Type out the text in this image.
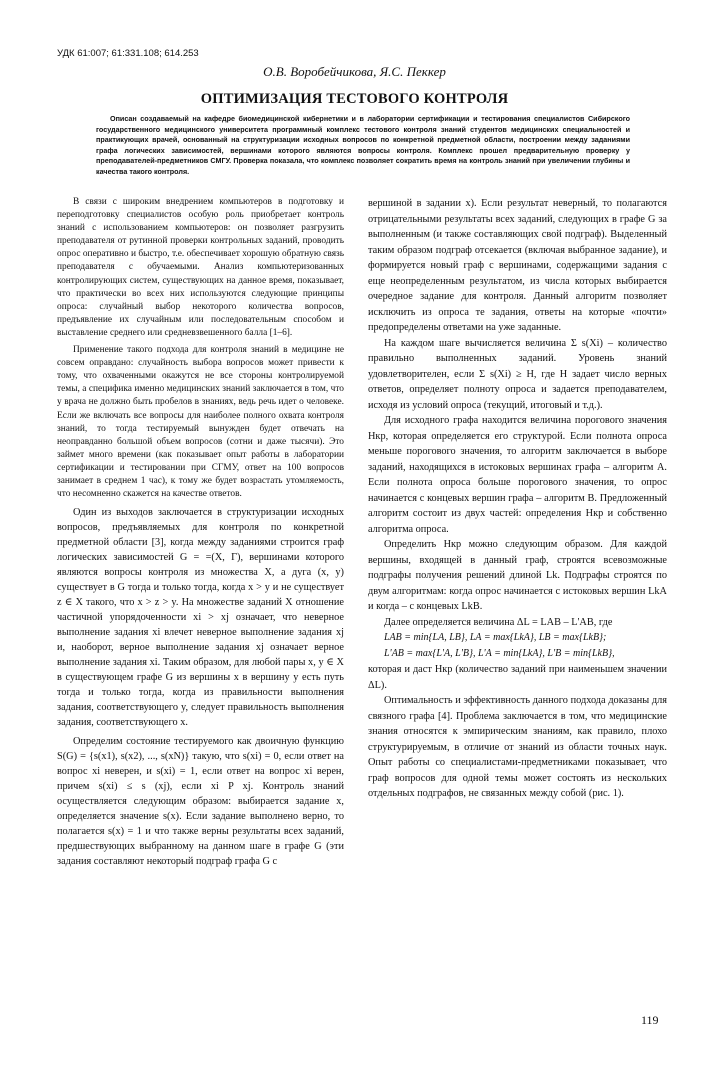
УДК 61:007; 61:331.108; 614.253
О.В. Воробейчикова, Я.С. Пеккер
ОПТИМИЗАЦИЯ ТЕСТОВОГО КОНТРОЛЯ

Описан создаваемый на кафедре биомедицинской кибернетики и в лаборатории сертификации и тестирования специалистов Сибирского государственного медицинского университета программный комплекс тестового контроля знаний студентов медицинских специальностей и практикующих врачей, основанный на структуризации исходных вопросов по конкретной предметной области, построении между заданиями графа логических зависимостей, вершинами которого являются вопросы контроля. Комплекс прошел предварительную проверку у преподавателей-предметников СМГУ. Проверка показала, что комплекс позволяет сократить время на контроль знаний при увеличении глубины и качества такого контроля.

В связи с широким внедрением компьютеров в подготовку и переподготовку специалистов особую роль приобретает контроль знаний с использованием компьютеров: он позволяет разгрузить преподавателя от рутинной проверки контрольных заданий, проводить опрос оперативно и быстро, т.е. обеспечивает хорошую обратную связь преподавателя с обучаемыми. Анализ компьютеризованных контролирующих систем, существующих на данное время, показывает, что практически во всех них используются следующие принципы опроса: случайный выбор некоторого количества вопросов, предъявление их случайным или последовательным способом и выставление среднего или средневзвешенного балла [1–6].

Применение такого подхода для контроля знаний в медицине не совсем оправдано: случайность выбора вопросов может привести к тому, что охваченными окажутся не все стороны контролируемой темы, а специфика именно медицинских знаний заключается в том, что у врача не должно быть пробелов в знаниях, ведь речь идет о человеке. Если же включать все вопросы для наиболее полного охвата контроля знаний, то тогда тестируемый вынужден будет отвечать на неоправданно большой объем вопросов (сотни и даже тысячи). Это займет много времени (как показывает опыт работы в лаборатории сертификации и тестировании при СГМУ, ответ на 100 вопросов занимает в среднем 1 час), к тому же будет возрастать утомляемость, что несомненно скажется на качестве ответов.

Один из выходов заключается в структуризации исходных вопросов, предъявляемых для контроля по конкретной предметной области [3], когда между заданиями строится граф логических зависимостей G = =(X, Г), вершинами которого являются вопросы контроля из множества X, а дуга (x, y) существует в G тогда и только тогда, когда x > y и не существует z ∈ X такого, что x > z > y. На множестве заданий X отношение частичной упорядоченности xi > xj означает, что неверное выполнение задания xi влечет неверное выполнение задания xj и, наоборот, верное выполнение задания xj означает верное выполнение задания xi. Таким образом, для любой пары x, y ∈ X в существующем графе G из вершины x в вершину y есть путь тогда и только тогда, когда из правильности выполнения задания, соответствующего y, следует правильность выполнения задания, соответствующего x.

Определим состояние тестируемого как двоичную функцию S(G) = {s(x1), s(x2), ..., s(xN)} такую, что s(xi) = 0, если ответ на вопрос xi неверен, и s(xi) = 1, если ответ на вопрос xi верен, причем s(xi) ≤ s (xj), если xi P xj. Контроль знаний осуществляется следующим образом: выбирается задание x, определяется значение s(x). Если задание выполнено верно, то полагается s(x) = 1 и что также верны результаты всех заданий, предшествующих выбранному на данном шаге в графе G (эти задания составляют некоторый подграф графа G с

вершиной в задании x). Если результат неверный, то полагаются отрицательными результаты всех заданий, следующих в графе G за выполненным (и также составляющих свой подграф). Выделенный таким образом подграф отсекается (включая выбранное задание), и формируется новый граф с вершинами, содержащими задания с еще неопределенным результатом, из числа которых выбирается очередное задание для контроля. Данный алгоритм позволяет исключить из опроса те задания, ответы на которые «почти» предопределены ответами на уже заданные.

На каждом шаге вычисляется величина Σ s(Xi) – количество правильно выполненных заданий. Уровень знаний удовлетворителен, если Σ s(Xi) ≥ H, где H задает число верных ответов, определяет полноту опроса и задается преподавателем, исходя из условий опроса (текущий, итоговый и т.д.).

Для исходного графа находится величина порогового значения Hкр, которая определяется его структурой. Если полнота опроса меньше порогового значения, то алгоритм заключается в выборе заданий, находящихся в истоковых вершинах графа – алгоритм A. Если полнота опроса больше порогового значения, то опрос начинается с концевых вершин графа – алгоритм B. Предложенный алгоритм состоит из двух частей: определения Hкр и собственно алгоритма опроса.

Определить Hкр можно следующим образом. Для каждой вершины, входящей в данный граф, строятся всевозможные подграфы получения решений длиной Lk. Подграфы строятся по двум алгоритмам: когда опрос начинается с истоковых вершин LkA и когда – с концевых LkB.

Далее определяется величина ΔL = LAB – L'AB, где

LAB = min{LA, LB}, LA = max{LkA}, LB = max{LkB};

L'AB = max{L'A, L'B}, L'A = min{LkA}, L'B = min{LkB},

которая и даст Hкр (количество заданий при наименьшем значении ΔL).

Оптимальность и эффективность данного подхода доказаны для связного графа [4]. Проблема заключается в том, что медицинские знания относятся к эмпирическим знаниям, как правило, плохо структурируемым, в отличие от знаний из области точных наук. Опыт работы со специалистами-предметниками показывает, что граф вопросов для одной темы может состоять из нескольких отдельных подграфов, не связанных между собой (рис. 1).

119
